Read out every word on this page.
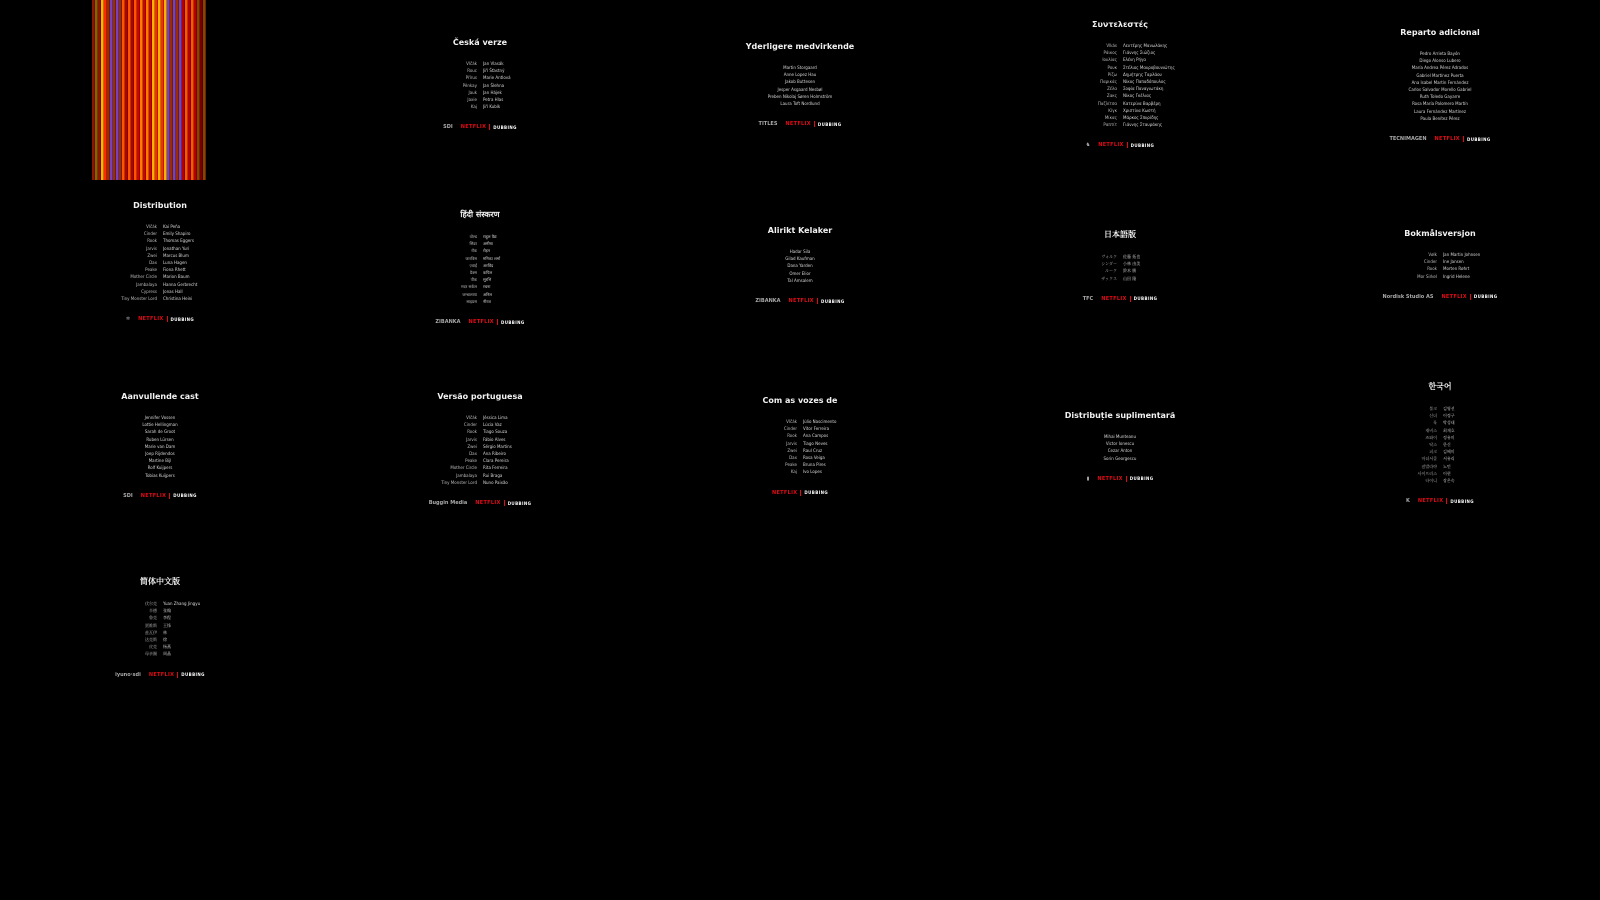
Česká verze
Vlčák	Jan Vlasák
Rouc	Jiří Šťastný
Přírus	Marie Antlová
Pěnkay	Jan Šlehna
Jauk	Jan Hájek
Jaxie	Petra Hlas
Kaj	Jiří Kubík
SDI NETFLIX DUBBING
Yderligere medvirkende
Martin Storgaard
Anne Lopez Hau
Jakob Buttesen
Jesper Asgaard Nesbøl
Preben Nikolaj Søren Holmström
Laura Toft Nordlund
TITLES NETFLIX DUBBING
Συντελεστές
Vlkás	Λευτέρης Μανωλάκης
Ράικος	Γιάννης Σιώζιος
Ιουλίας	Ελένη Ρήγα
Ρουκ	Στέλιος Μαυροβουνιώτης
Ρίζω	Δημήτρης Ταρλάου
Παρικάς	Νίκος Παπαδόπουλος
Ζέλα	Σοφία Παναγιωτάκη
Ζακς	Νίκος Γκέλιας
Παζλίτσα	Κατερίνα Βαρβέρη
Κίγκ	Χριστίνα Κωστή
Μίκας	Μάρκος Σπυρίδης
Ραπτίτ	Γιάννης Σταυράκης
♞ NETFLIX DUBBING
Reparto adicional
Pedro Arrieta Bayón
Diego Alonso Lubero
María Andrea Pérez Adrados
Gabriel Martínez Puerta
Ana Isabel Martín Fernández
Carlos Salvador Morello Gabriel
Ruth Toledo Gayarre
Rosa María Palomero Martín
Laura Fernández Martínez
Paula Benítez Pérez
TECNIMAGEN NETFLIX DUBBING
Distribution
Vlčák	Kai Peña
Cinder	Emily Shapiro
Rook	Thomas Eggers
Jarvis	Jonathan Yuri
Zwei	Marcus Blum
Dax	Luna Hagen
Peake	Fiona Rhett
Mother Circle	Marion Baum
Jambalaya	Hanna Gerbrecht
Cypress	Jonas Hall
Tiny Monster Lord	Christina Heini
✲ NETFLIX DUBBING
हिंदी संस्करण
वोल्ड	राहुल वैद्य
सिंडर	अमीषा
रॉक	रोहन
जारविस	मनिका शर्मा
ज़्वाई	अरविंद
डैक्स	कपिल
पीक	सुरभि
मदर सर्कल	रचना
जम्बालाया	अनिल
साइप्रस	नीरज
ZIBANKA NETFLIX DUBBING
Alirikt Kelaker
Hadar Sila
Gilad Kaufman
Dana Yarden
Omer Elior
Tal Amsalem
ZIBANKA NETFLIX DUBBING
日本語版
ヴォルク	佐藤 拓也
シンダー	小林 由美
ルーク	鈴木 勝
ザックス	山田 隆
TFC NETFLIX DUBBING
Bokmålsversjon
Vølk	Jan Martin Johnsen
Cinder	Ine Jansen
Rook	Morten Røhrt
Mor Sirkel	Ingrid Helene
Nordisk Studio AS NETFLIX DUBBING
Aanvullende cast
Jennifer Vossen
Lottie Hellingman
Sarah de Groot
Ruben Lürsen
Marie van Dam
Joep Rijdendos
Martine Bijl
Rolf Kuijpers
Tobias Kuijpers
SDI NETFLIX DUBBING
Versão portuguesa
Vlčák	Jéssica Lima
Cinder	Lúcia Vaz
Rook	Tiago Souza
Jarvis	Fábio Alves
Zwei	Sérgio Martins
Dax	Ana Ribeiro
Peake	Clara Pereira
Mother Circle	Rita Ferreira
Jambalaya	Rui Braga
Tiny Monster Lord	Nuno Paixão
Buggin Media NETFLIX DUBBING
Com as vozes de
Vlčák	Júlio Nascimento
Cinder	Vitor Ferreira
Rook	Ana Campos
Jarvis	Tiago Neves
Zwei	Raul Cruz
Dax	Rosa Veiga
Peake	Bruna Pires
Kaj	Ivo Lopes
NETFLIX DUBBING
Distribuție suplimentară
Mihai Munteanu
Victor Ionescu
Cezar Anton
Sorin Georgescu
▮ NETFLIX DUBBING
한국어
볼크	김영선
신더	이정구
룩	박성태
재비스	최재호
즈와이	정유미
닥스	한신
피크	김혜미
마더서클	서유리
잠발라야	노민
사이프러스	이현
타이니	장은숙
K NETFLIX DUBBING
简体中文版
伏尔克	Yuan Zhang Jingyu
辛德	张翰
鲁克	李程
贾维斯	王锋
兹瓦伊	林
达克斯	徐
皮克	杨燕
母亲圈	周晶
iyuno·sdi NETFLIX DUBBING
